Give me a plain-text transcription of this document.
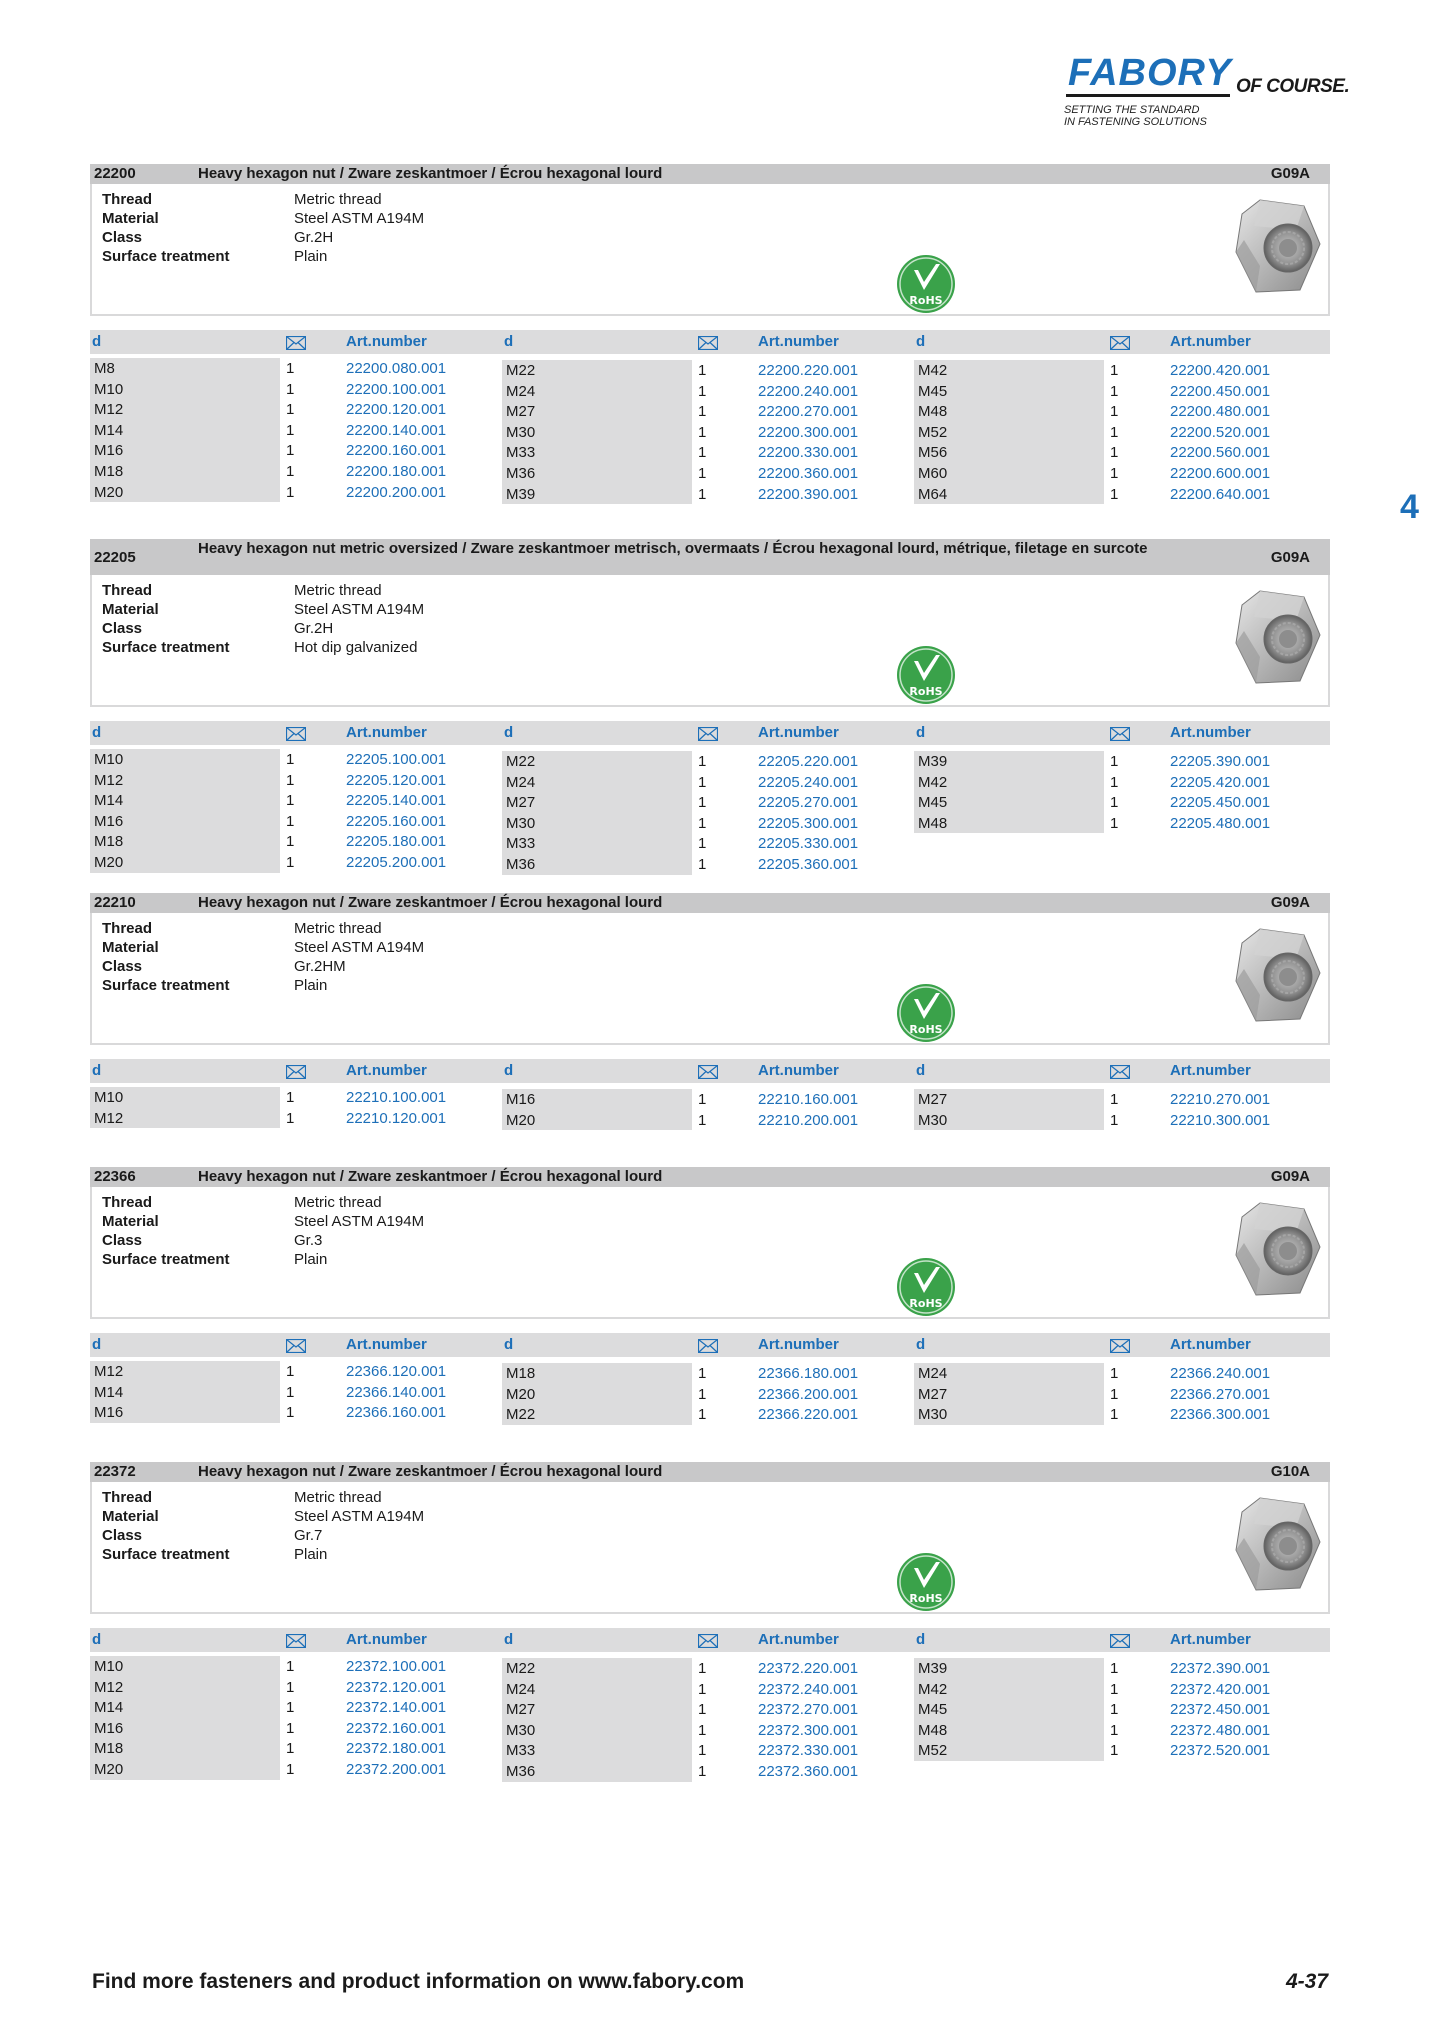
FABORY OF COURSE.
SETTING THE STANDARD
IN FASTENING SOLUTIONS
4
22200	Heavy hexagon nut / Zware zeskantmoer / Écrou hexagonal lourd	G09A
Thread	Metric thread
Material	Steel ASTM A194M
Class	Gr.2H
Surface treatment	Plain
RoHS
d	Art.number	d	Art.number	d	Art.number
M8	1	22200.080.001
M10	1	22200.100.001
M12	1	22200.120.001
M14	1	22200.140.001
M16	1	22200.160.001
M18	1	22200.180.001
M20	1	22200.200.001
M22	1	22200.220.001
M24	1	22200.240.001
M27	1	22200.270.001
M30	1	22200.300.001
M33	1	22200.330.001
M36	1	22200.360.001
M39	1	22200.390.001
M42	1	22200.420.001
M45	1	22200.450.001
M48	1	22200.480.001
M52	1	22200.520.001
M56	1	22200.560.001
M60	1	22200.600.001
M64	1	22200.640.001
22205
Heavy hexagon nut metric oversized / Zware zeskantmoer metrisch, overmaats / Écrou hexagonal lourd, métrique, filetage en surcote
G09A
Thread	Metric thread
Material	Steel ASTM A194M
Class	Gr.2H
Surface treatment	Hot dip galvanized
RoHS
d	Art.number	d	Art.number	d	Art.number
M10	1	22205.100.001
M12	1	22205.120.001
M14	1	22205.140.001
M16	1	22205.160.001
M18	1	22205.180.001
M20	1	22205.200.001
M22	1	22205.220.001
M24	1	22205.240.001
M27	1	22205.270.001
M30	1	22205.300.001
M33	1	22205.330.001
M36	1	22205.360.001
M39	1	22205.390.001
M42	1	22205.420.001
M45	1	22205.450.001
M48	1	22205.480.001
22210	Heavy hexagon nut / Zware zeskantmoer / Écrou hexagonal lourd	G09A
Thread	Metric thread
Material	Steel ASTM A194M
Class	Gr.2HM
Surface treatment	Plain
RoHS
d	Art.number	d	Art.number	d	Art.number
M10	1	22210.100.001
M12	1	22210.120.001
M16	1	22210.160.001
M20	1	22210.200.001
M27	1	22210.270.001
M30	1	22210.300.001
22366	Heavy hexagon nut / Zware zeskantmoer / Écrou hexagonal lourd	G09A
Thread	Metric thread
Material	Steel ASTM A194M
Class	Gr.3
Surface treatment	Plain
RoHS
d	Art.number	d	Art.number	d	Art.number
M12	1	22366.120.001
M14	1	22366.140.001
M16	1	22366.160.001
M18	1	22366.180.001
M20	1	22366.200.001
M22	1	22366.220.001
M24	1	22366.240.001
M27	1	22366.270.001
M30	1	22366.300.001
22372	Heavy hexagon nut / Zware zeskantmoer / Écrou hexagonal lourd	G10A
Thread	Metric thread
Material	Steel ASTM A194M
Class	Gr.7
Surface treatment	Plain
RoHS
d	Art.number	d	Art.number	d	Art.number
M10	1	22372.100.001
M12	1	22372.120.001
M14	1	22372.140.001
M16	1	22372.160.001
M18	1	22372.180.001
M20	1	22372.200.001
M22	1	22372.220.001
M24	1	22372.240.001
M27	1	22372.270.001
M30	1	22372.300.001
M33	1	22372.330.001
M36	1	22372.360.001
M39	1	22372.390.001
M42	1	22372.420.001
M45	1	22372.450.001
M48	1	22372.480.001
M52	1	22372.520.001
Find more fasteners and product information on www.fabory.com	4-37
